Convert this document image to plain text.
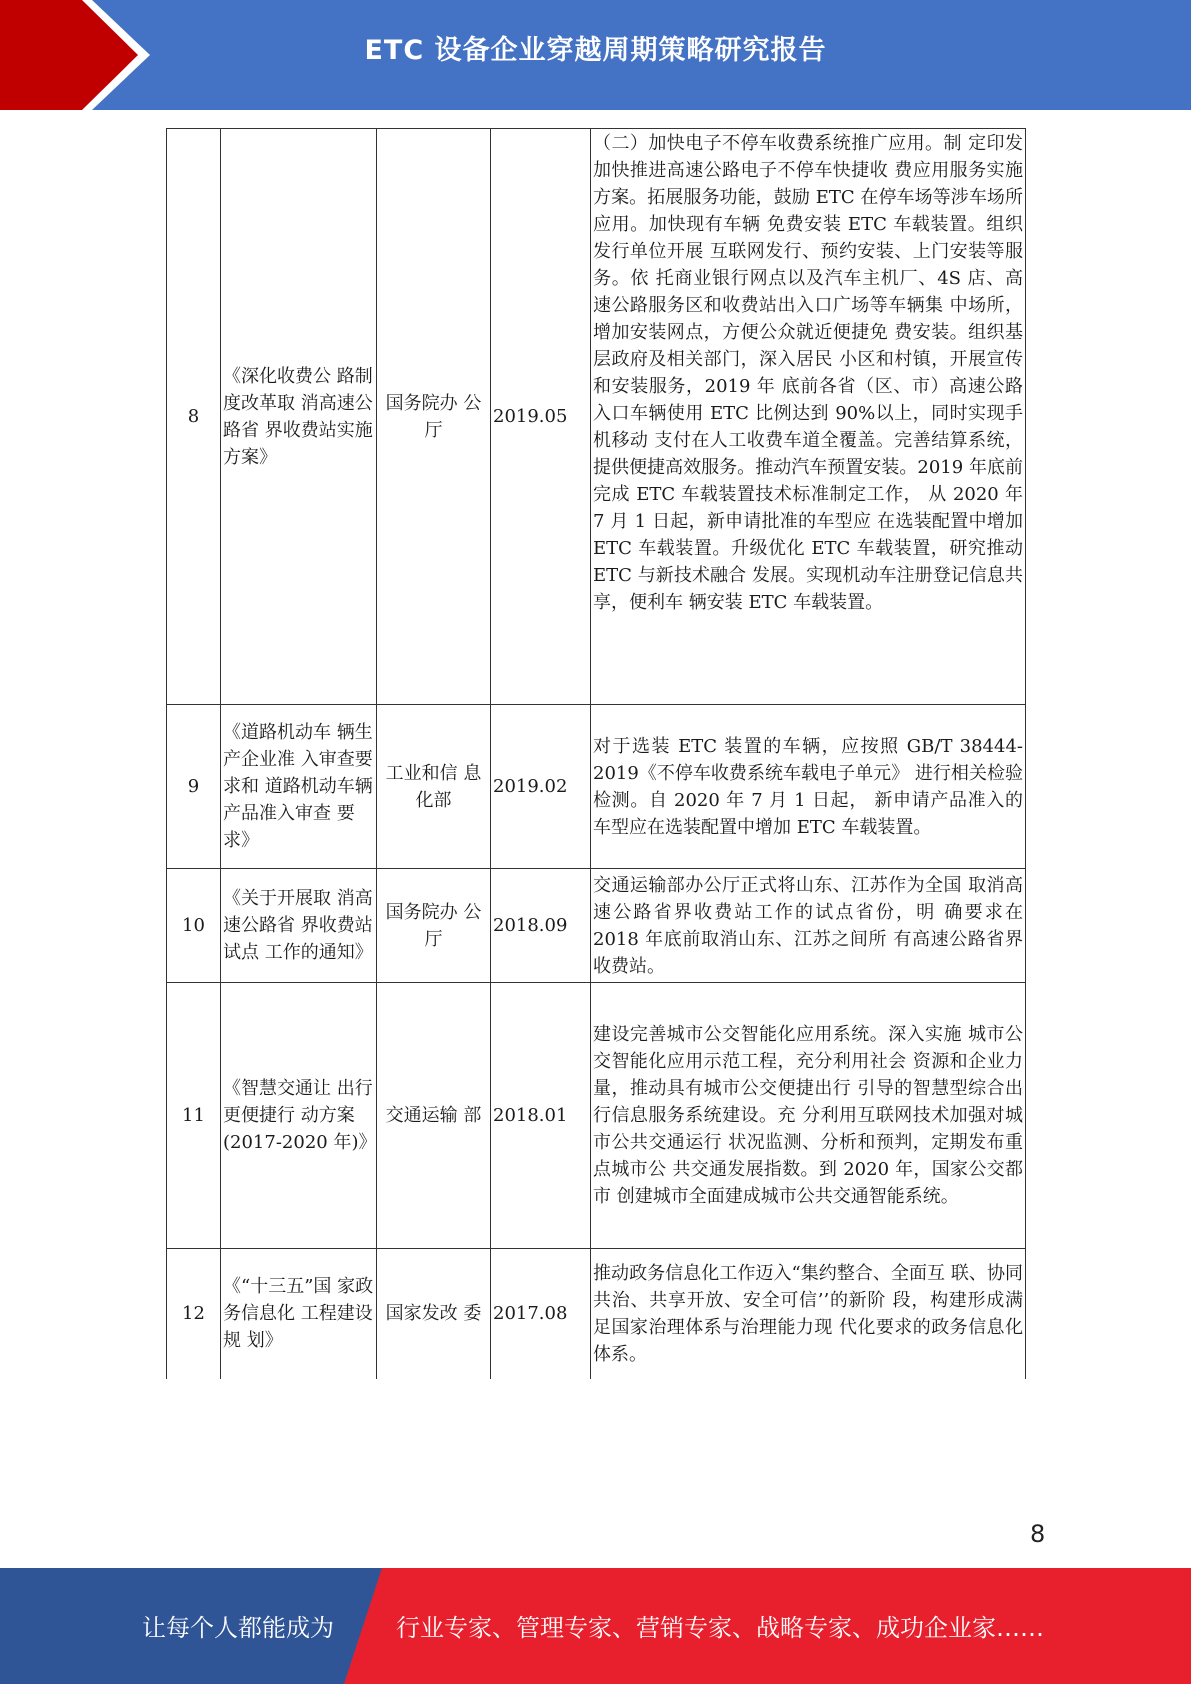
ETC 设备企业穿越周期策略研究报告
8	《深化收费公 路制度改革取 消高速公路省 界收费站实施 方案》	国务院办 公厅	2019.05	（二）加快电子不停车收费系统推广应用。制 定印发加快推进高速公路电子不停车快捷收 费应用服务实施方案。拓展服务功能，鼓励 ETC 在停车场等涉车场所应用。加快现有车辆 免费安装 ETC 车载装置。组织发行单位开展 互联网发行、预约安装、上门安装等服务。依 托商业银行网点以及汽车主机厂、4S 店、高 速公路服务区和收费站出入口广场等车辆集 中场所，增加安装网点，方便公众就近便捷免 费安装。组织基层政府及相关部门，深入居民 小区和村镇，开展宣传和安装服务，2019 年 底前各省（区、市）高速公路入口车辆使用 ETC 比例达到 90%以上，同时实现手机移动 支付在人工收费车道全覆盖。完善结算系统，提供便捷高效服务。推动汽车预置安装。2019 年底前完成 ETC 车载装置技术标准制定工作， 从 2020 年 7 月 1 日起，新申请批准的车型应 在选装配置中增加 ETC 车载装置。升级优化 ETC 车载装置，研究推动 ETC 与新技术融合 发展。实现机动车注册登记信息共享，便利车 辆安装 ETC 车载装置。
9	《道路机动车 辆生产企业准 入审查要求和 道路机动车辆 产品准入审查 要求》	工业和信 息化部	2019.02	对于选装 ETC 装置的车辆，应按照 GB/T 38444-2019《不停车收费系统车载电子单元》 进行相关检验检测。自 2020 年 7 月 1 日起， 新申请产品准入的车型应在选装配置中增加 ETC 车载装置。
10	《关于开展取 消高速公路省 界收费站试点 工作的通知》	国务院办 公厅	2018.09	交通运输部办公厅正式将山东、江苏作为全国 取消高速公路省界收费站工作的试点省份，明 确要求在 2018 年底前取消山东、江苏之间所 有高速公路省界收费站。
11	《智慧交通让 出行更便捷行 动方案 (2017-2020 年)》	交通运输 部	2018.01	建设完善城市公交智能化应用系统。深入实施 城市公交智能化应用示范工程，充分利用社会 资源和企业力量，推动具有城市公交便捷出行 引导的智慧型综合出行信息服务系统建设。充 分利用互联网技术加强对城市公共交通运行 状况监测、分析和预判，定期发布重点城市公 共交通发展指数。到 2020 年，国家公交都市 创建城市全面建成城市公共交通智能系统。
12	《“十三五”国 家政务信息化 工程建设规 划》	国家发改 委	2017.08	推动政务信息化工作迈入“集约整合、全面互 联、协同共治、共享开放、安全可信’’的新阶 段，构建形成满足国家治理体系与治理能力现 代化要求的政务信息化体系。
8
让每个人都能成为	行业专家、管理专家、营销专家、战略专家、成功企业家……
